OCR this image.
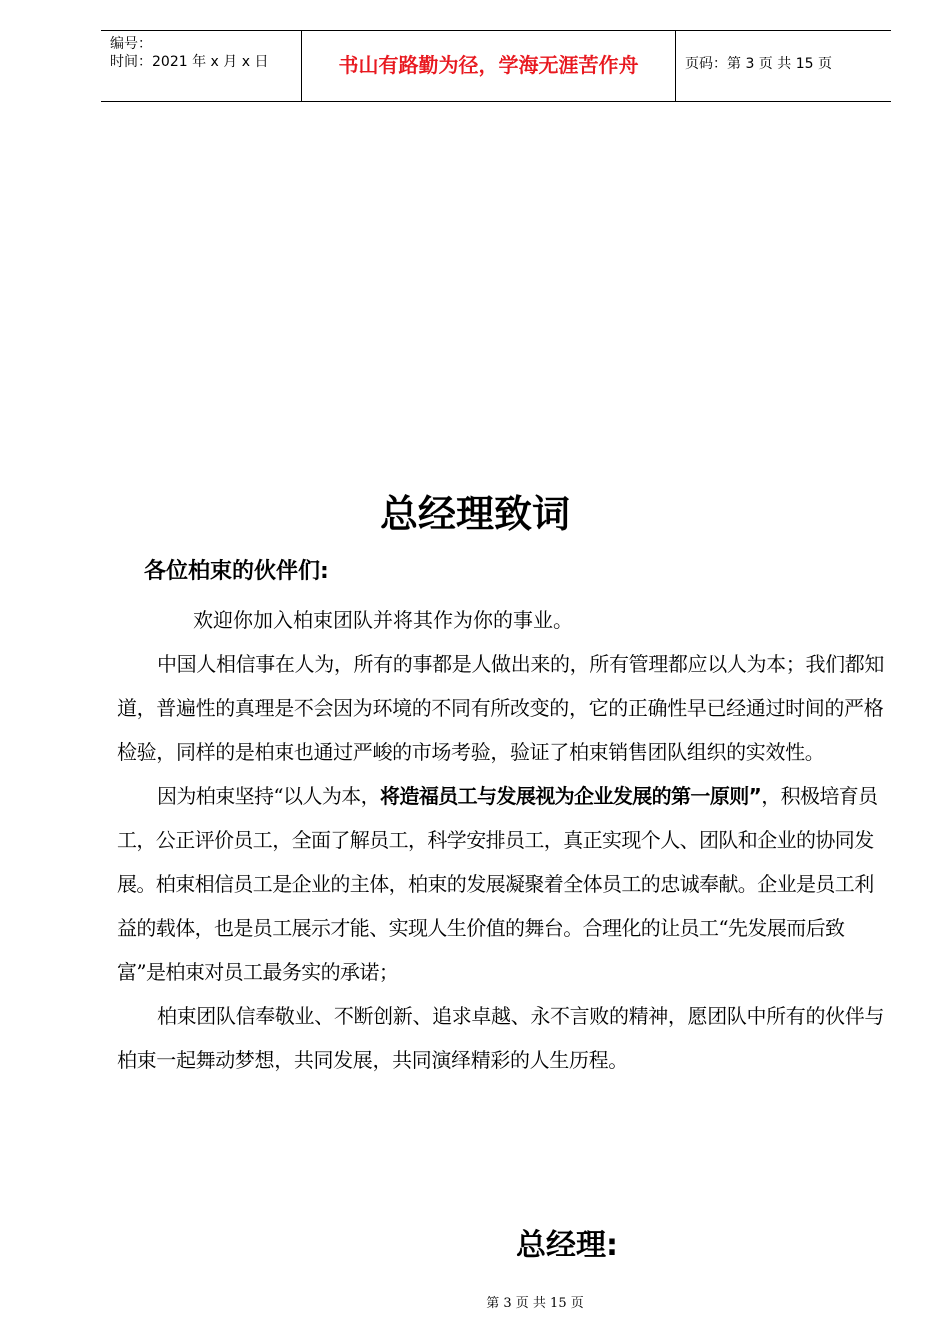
编号：
时间：2021 年 x 月 x 日	书山有路勤为径，学海无涯苦作舟	页码：第 3 页 共 15 页
总经理致词
各位柏束的伙伴们:

欢迎你加入柏束团队并将其作为你的事业。

中国人相信事在人为，所有的事都是人做出来的，所有管理都应以人为本；我们都知道，普遍性的真理是不会因为环境的不同有所改变的，它的正确性早已经通过时间的严格检验，同样的是柏束也通过严峻的市场考验，验证了柏束销售团队组织的实效性。

因为柏束坚持“以人为本，将造福员工与发展视为企业发展的第一原则”，积极培育员工，公正评价员工，全面了解员工，科学安排员工，真正实现个人、团队和企业的协同发展。柏束相信员工是企业的主体，柏束的发展凝聚着全体员工的忠诚奉献。企业是员工利益的载体，也是员工展示才能、实现人生价值的舞台。合理化的让员工“先发展而后致富”是柏束对员工最务实的承诺；

柏束团队信奉敬业、不断创新、追求卓越、永不言败的精神，愿团队中所有的伙伴与柏束一起舞动梦想，共同发展，共同演绎精彩的人生历程。

总经理:
第 3 页 共 15 页
